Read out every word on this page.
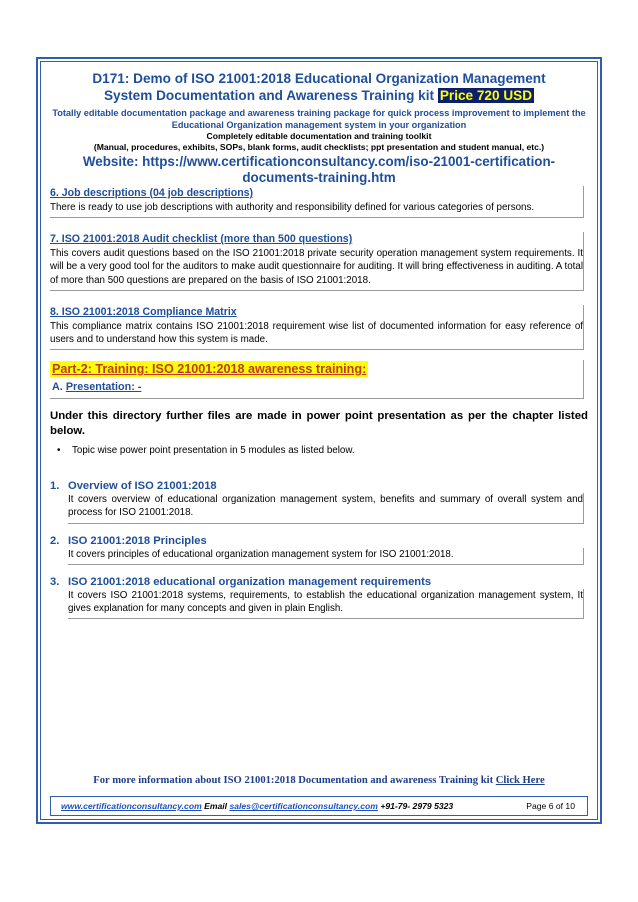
D171: Demo of ISO 21001:2018 Educational Organization Management

System Documentation and Awareness Training kit Price 720 USD

Totally editable documentation package and awareness training package for quick process improvement to implement the Educational Organization management system in your organization
Completely editable documentation and training toolkit
(Manual, procedures, exhibits, SOPs, blank forms, audit checklists; ppt presentation and student manual, etc.)
Website: https://www.certificationconsultancy.com/iso-21001-certification-documents-training.htm

6. Job descriptions (04 job descriptions)

There is ready to use job descriptions with authority and responsibility defined for various categories of persons.

7. ISO 21001:2018 Audit checklist (more than 500 questions)

This covers audit questions based on the ISO 21001:2018 private security operation management system requirements. It will be a very good tool for the auditors to make audit questionnaire for auditing. It will bring effectiveness in auditing. A total of more than 500 questions are prepared on the basis of ISO 21001:2018.

8. ISO 21001:2018 Compliance Matrix

This compliance matrix contains ISO 21001:2018 requirement wise list of documented information for easy reference of users and to understand how this system is made.

Part-2: Training: ISO 21001:2018 awareness training:
A. Presentation: -
Under this directory further files are made in power point presentation as per the chapter listed below.
• Topic wise power point presentation in 5 modules as listed below.
1. Overview of ISO 21001:2018
It covers overview of educational organization management system, benefits and summary of overall system and process for ISO 21001:2018.
2. ISO 21001:2018 Principles
It covers principles of educational organization management system for ISO 21001:2018.
3. ISO 21001:2018 educational organization management requirements
It covers ISO 21001:2018 systems, requirements, to establish the educational organization management system, It gives explanation for many concepts and given in plain English.
For more information about ISO 21001:2018 Documentation and awareness Training kit Click Here
www.certificationconsultancy.com Email sales@certificationconsultancy.com +91-79- 2979 5323	Page 6 of 10
